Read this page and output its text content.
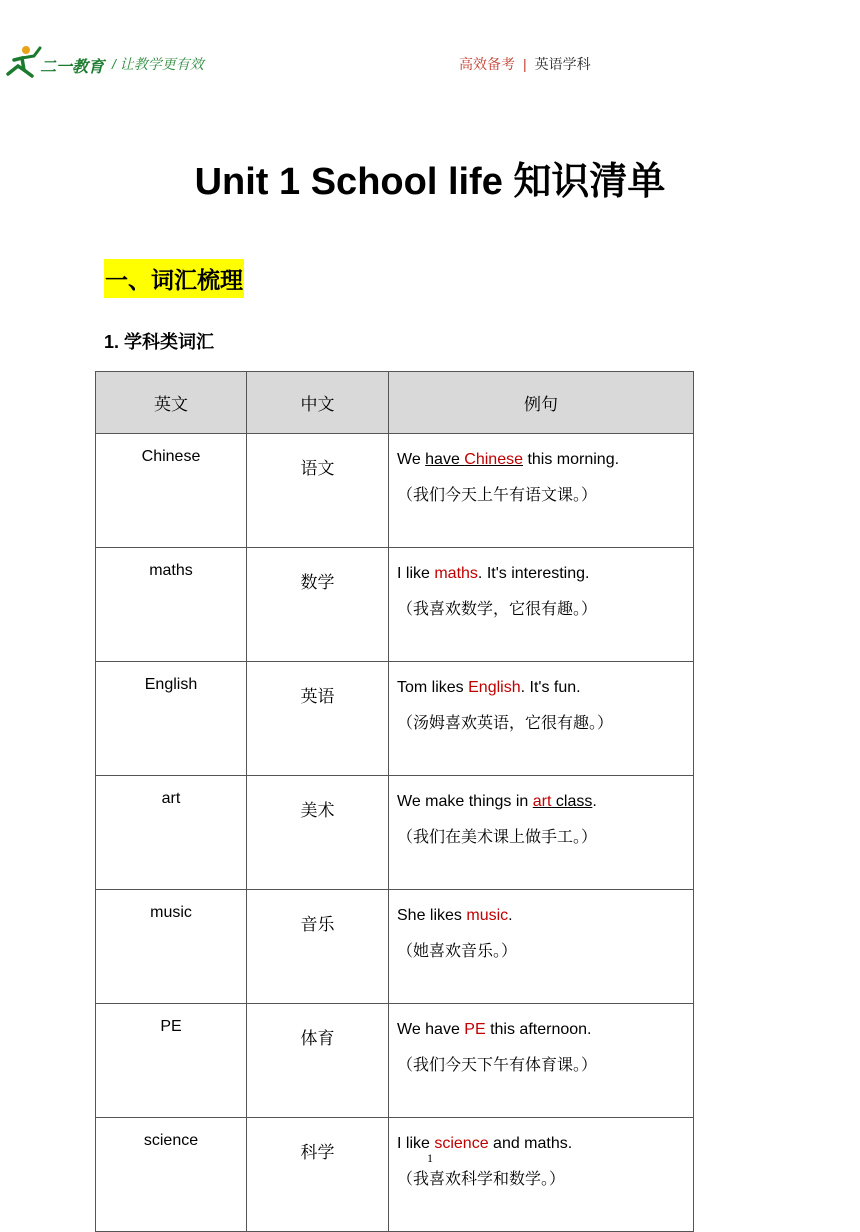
二一教育 / 让教学更有效	高效备考 | 英语学科
Unit 1 School life 知识清单
一、词汇梳理
1. 学科类词汇
英文	中文	例句
Chinese	语文	We have Chinese this morning.
（我们今天上午有语文课。）

maths	数学	I like maths. It's interesting.
（我喜欢数学，它很有趣。）

English	英语	Tom likes English. It's fun.
（汤姆喜欢英语，它很有趣。）

art	美术	We make things in art class.
（我们在美术课上做手工。）

music	音乐	She likes music.
（她喜欢音乐。）

PE	体育	We have PE this afternoon.
（我们今天下午有体育课。）

science	科学	I like science and maths.
（我喜欢科学和数学。）
1
